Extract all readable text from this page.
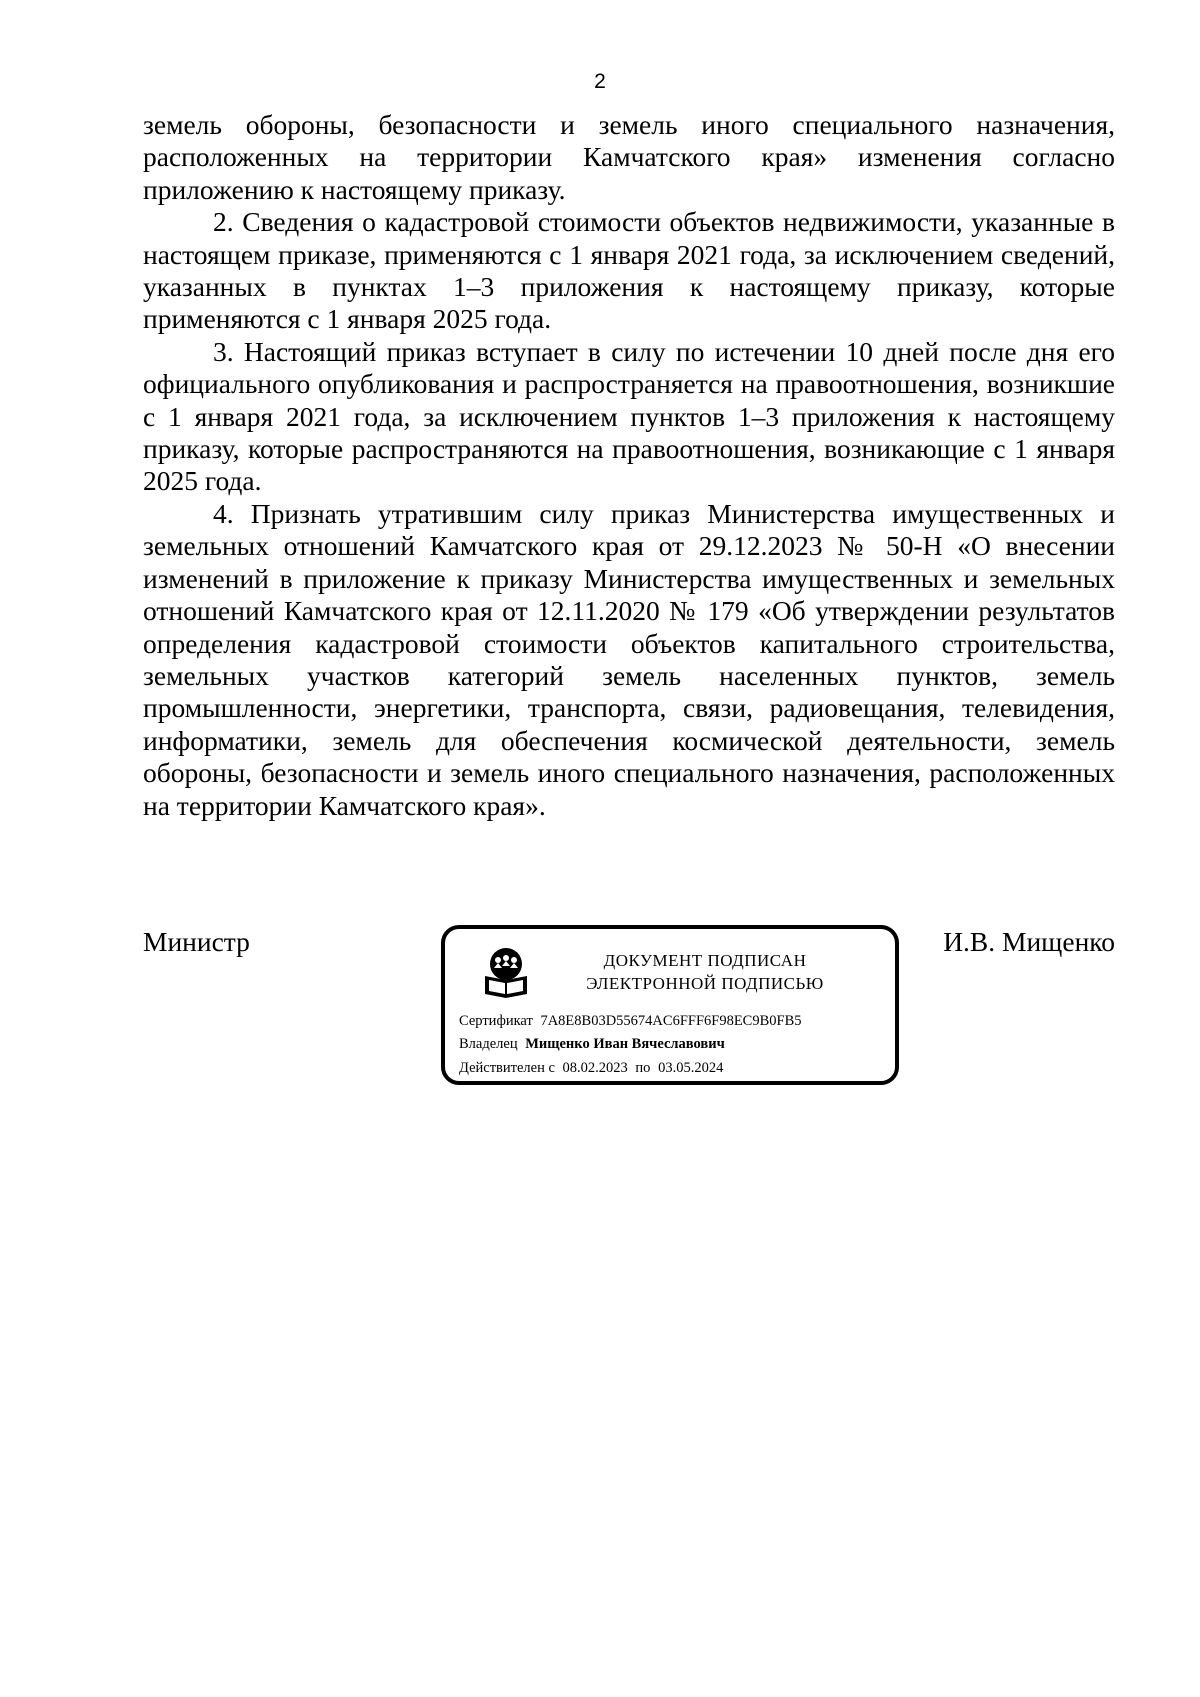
2

земель обороны, безопасности и земель иного специального назначения, расположенных на территории Камчатского края» изменения согласно приложению к настоящему приказу.

2. Сведения о кадастровой стоимости объектов недвижимости, указанные в настоящем приказе, применяются с 1 января 2021 года, за исключением сведений, указанных в пунктах 1–3 приложения к настоящему приказу, которые применяются с 1 января 2025 года.

3. Настоящий приказ вступает в силу по истечении 10 дней после дня его официального опубликования и распространяется на правоотношения, возникшие с 1 января 2021 года, за исключением пунктов 1–3 приложения к настоящему приказу, которые распространяются на правоотношения, возникающие с 1 января 2025 года.

4. Признать утратившим силу приказ Министерства имущественных и земельных отношений Камчатского края от 29.12.2023 № 50-Н «О внесении изменений в приложение к приказу Министерства имущественных и земельных отношений Камчатского края от 12.11.2020 № 179 «Об утверждении результатов определения кадастровой стоимости объектов капитального строительства, земельных участков категорий земель населенных пунктов, земель промышленности, энергетики, транспорта, связи, радиовещания, телевидения, информатики, земель для обеспечения космической деятельности, земель обороны, безопасности и земель иного специального назначения, расположенных на территории Камчатского края».

Министр
ДОКУМЕНТ ПОДПИСАН
ЭЛЕКТРОННОЙ ПОДПИСЬЮ
Сертификат 7A8E8B03D55674AC6FFF6F98EC9B0FB5
Владелец Мищенко Иван Вячеславович
Действителен с 08.02.2023 по 03.05.2024
И.В. Мищенко
